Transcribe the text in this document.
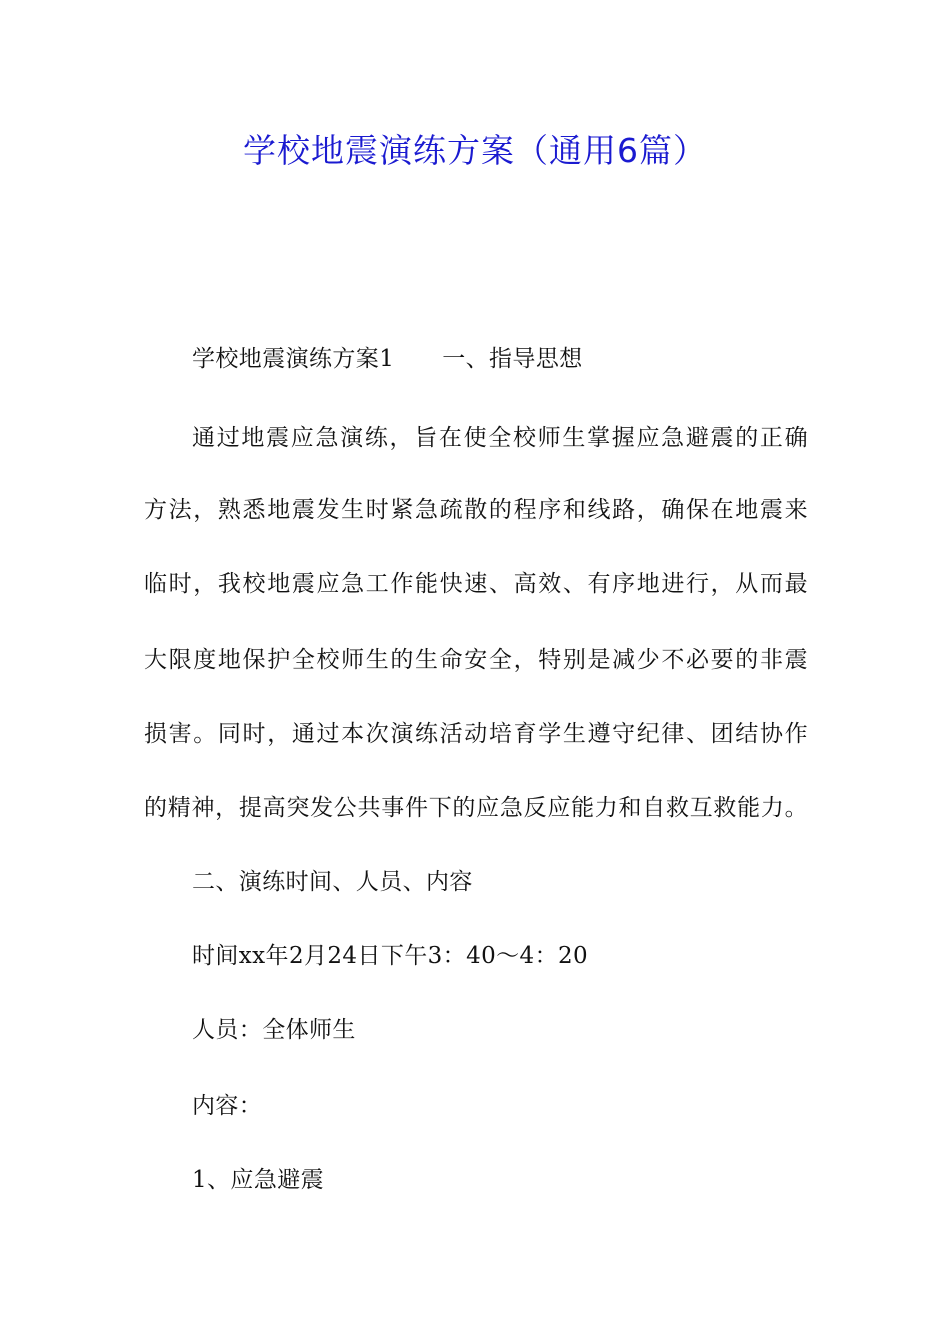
学校地震演练方案（通用6篇）
学校地震演练方案1 一、指导思想
通过地震应急演练，旨在使全校师生掌握应急避震的正确
方法，熟悉地震发生时紧急疏散的程序和线路，确保在地震来
临时，我校地震应急工作能快速、高效、有序地进行，从而最
大限度地保护全校师生的生命安全，特别是减少不必要的非震
损害。同时，通过本次演练活动培育学生遵守纪律、团结协作
的精神，提高突发公共事件下的应急反应能力和自救互救能力。
二、演练时间、人员、内容
时间xx年2月24日下午3：40～4：20
人员：全体师生
内容：
1、应急避震
